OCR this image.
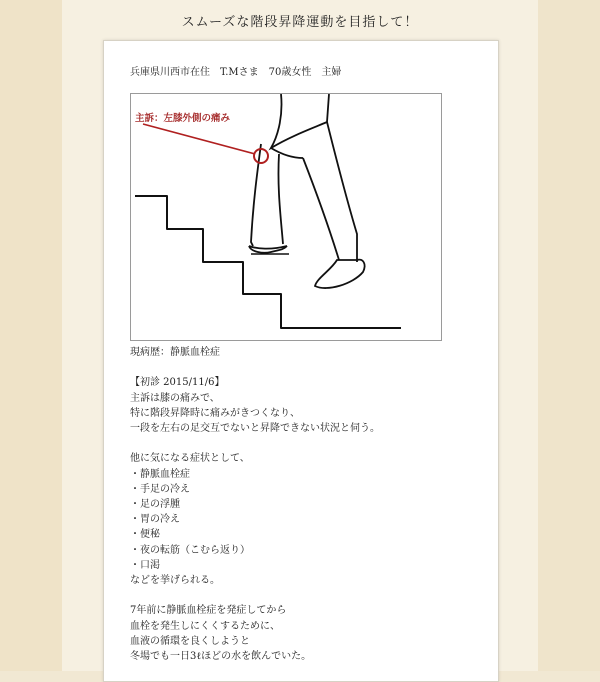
スムーズな階段昇降運動を目指して！
兵庫県川西市在住　T.Mさま　70歳女性　主婦
主訴：左膝外側の痛み

現病歴：静脈血栓症

【初診 2015/11/6】

主訴は膝の痛みで、

特に階段昇降時に痛みがきつくなり、

一段を左右の足交互でないと昇降できない状況と伺う。

他に気になる症状として、

・静脈血栓症

・手足の冷え

・足の浮腫

・胃の冷え

・便秘

・夜の転筋（こむら返り）

・口渇

などを挙げられる。

7年前に静脈血栓症を発症してから

血栓を発生しにくくするために、

血液の循環を良くしようと

冬場でも一日3ℓほどの水を飲んでいた。
